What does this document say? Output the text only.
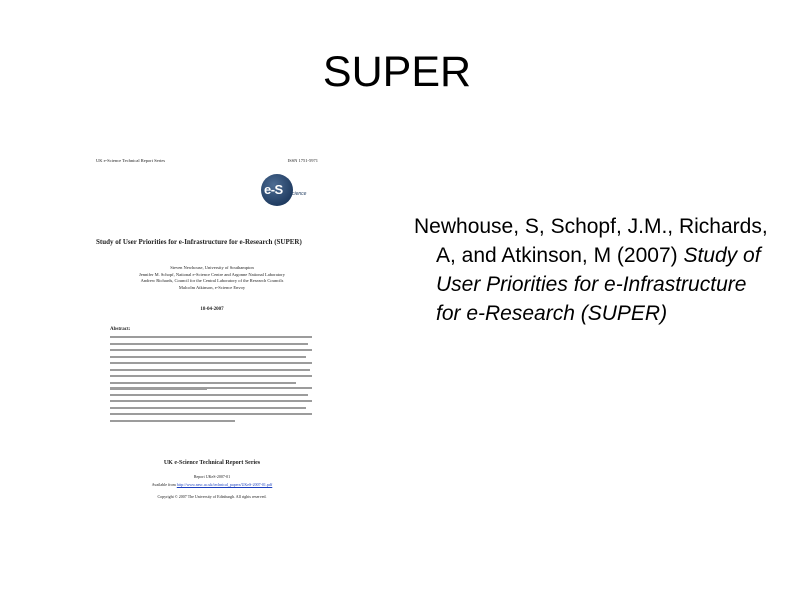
SUPER
UK e-Science Technical Report Series	ISSN 1751-5971
e-S cience
Study of User Priorities for e-Infrastructure for e-Research (SUPER)
Steven Newhouse, University of Southampton
Jennifer M. Schopf, National e-Science Centre and Argonne National Laboratory
Andrew Richards, Council for the Central Laboratory of the Research Councils
Malcolm Atkinson, e-Science Envoy
18-04-2007
Abstract:
UK e-Science Technical Report Series
Report UKeS-2007-01
Available from http://www.nesc.ac.uk/technical_papers/UKeS-2007-01.pdf
Copyright © 2007 The University of Edinburgh. All rights reserved.
Newhouse, S, Schopf, J.M., Richards, A, and Atkinson, M (2007) Study of User Priorities for e-Infrastructure for e-Research (SUPER)
